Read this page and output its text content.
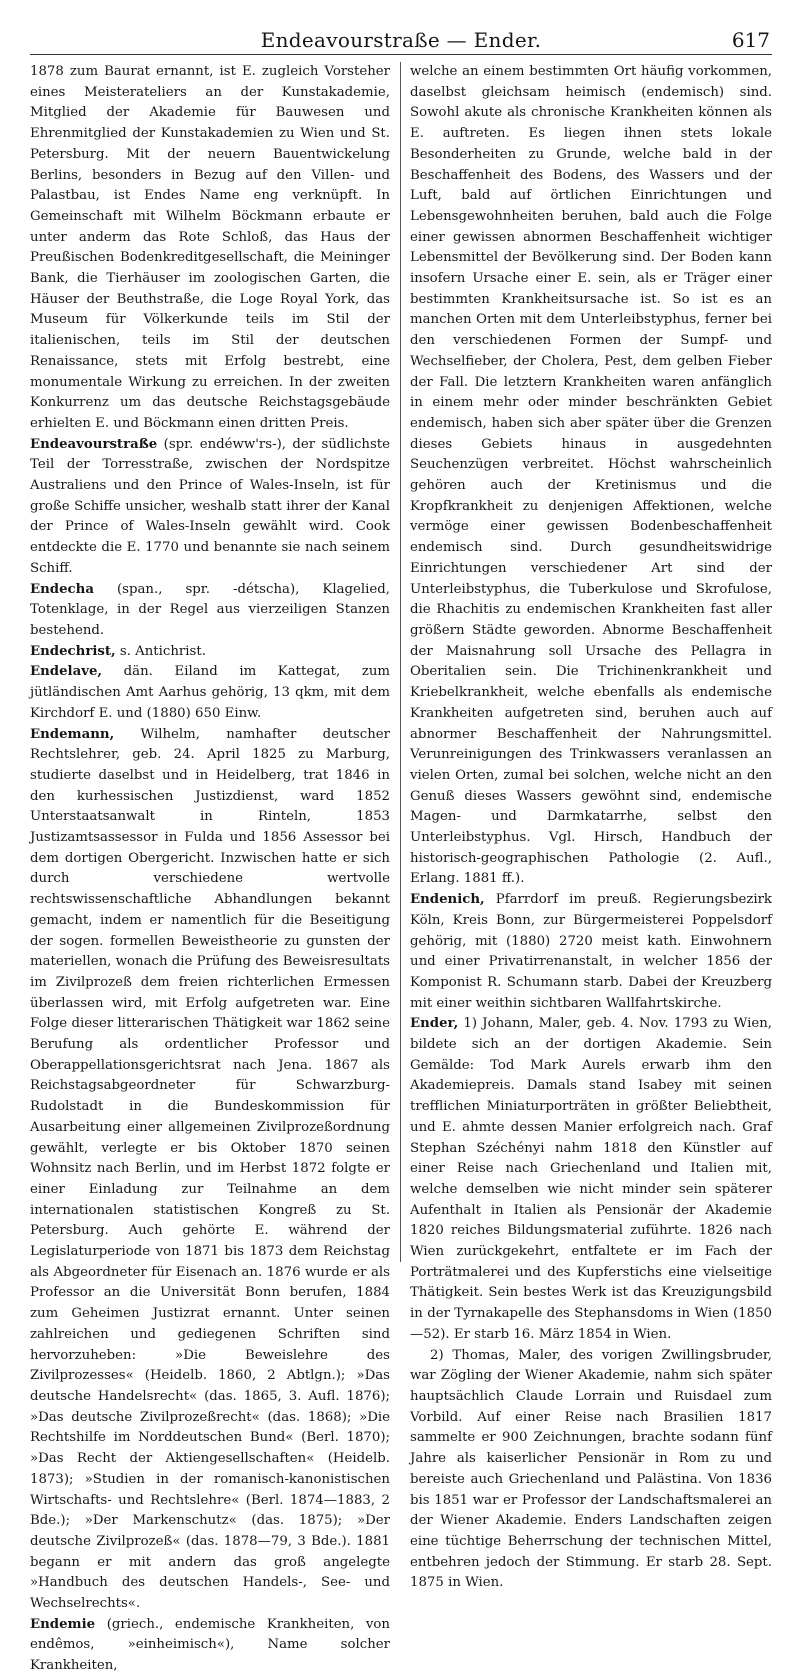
Endeavourstraße — Ender.	617

1878 zum Baurat ernannt, ist E. zugleich Vorsteher eines Meisterateliers an der Kunstakademie, Mitglied der Akademie für Bauwesen und Ehrenmitglied der Kunstakademien zu Wien und St. Petersburg. Mit der neuern Bauentwickelung Berlins, besonders in Bezug auf den Villen- und Palastbau, ist Endes Name eng verknüpft. In Gemeinschaft mit Wilhelm Böckmann erbaute er unter anderm das Rote Schloß, das Haus der Preußischen Bodenkreditgesellschaft, die Meininger Bank, die Tierhäuser im zoologischen Garten, die Häuser der Beuthstraße, die Loge Royal York, das Museum für Völkerkunde teils im Stil der italienischen, teils im Stil der deutschen Renaissance, stets mit Erfolg bestrebt, eine monumentale Wirkung zu erreichen. In der zweiten Konkurrenz um das deutsche Reichstagsgebäude erhielten E. und Böckmann einen dritten Preis.

Endeavourstraße (spr. endéww'rs-), der südlichste Teil der Torresstraße, zwischen der Nordspitze Australiens und den Prince of Wales-Inseln, ist für große Schiffe unsicher, weshalb statt ihrer der Kanal der Prince of Wales-Inseln gewählt wird. Cook entdeckte die E. 1770 und benannte sie nach seinem Schiff.

Endecha (span., spr. -détscha), Klagelied, Totenklage, in der Regel aus vierzeiligen Stanzen bestehend.

Endechrist, s. Antichrist.

Endelave, dän. Eiland im Kattegat, zum jütländischen Amt Aarhus gehörig, 13 qkm, mit dem Kirchdorf E. und (1880) 650 Einw.

Endemann, Wilhelm, namhafter deutscher Rechtslehrer, geb. 24. April 1825 zu Marburg, studierte daselbst und in Heidelberg, trat 1846 in den kurhessischen Justizdienst, ward 1852 Unterstaatsanwalt in Rinteln, 1853 Justizamtsassessor in Fulda und 1856 Assessor bei dem dortigen Obergericht. Inzwischen hatte er sich durch verschiedene wertvolle rechtswissenschaftliche Abhandlungen bekannt gemacht, indem er namentlich für die Beseitigung der sogen. formellen Beweistheorie zu gunsten der materiellen, wonach die Prüfung des Beweisresultats im Zivilprozeß dem freien richterlichen Ermessen überlassen wird, mit Erfolg aufgetreten war. Eine Folge dieser litterarischen Thätigkeit war 1862 seine Berufung als ordentlicher Professor und Oberappellationsgerichtsrat nach Jena. 1867 als Reichstagsabgeordneter für Schwarzburg-Rudolstadt in die Bundeskommission für Ausarbeitung einer allgemeinen Zivilprozeßordnung gewählt, verlegte er bis Oktober 1870 seinen Wohnsitz nach Berlin, und im Herbst 1872 folgte er einer Einladung zur Teilnahme an dem internationalen statistischen Kongreß zu St. Petersburg. Auch gehörte E. während der Legislaturperiode von 1871 bis 1873 dem Reichstag als Abgeordneter für Eisenach an. 1876 wurde er als Professor an die Universität Bonn berufen, 1884 zum Geheimen Justizrat ernannt. Unter seinen zahlreichen und gediegenen Schriften sind hervorzuheben: »Die Beweislehre des Zivilprozesses« (Heidelb. 1860, 2 Abtlgn.); »Das deutsche Handelsrecht« (das. 1865, 3. Aufl. 1876); »Das deutsche Zivilprozeßrecht« (das. 1868); »Die Rechtshilfe im Norddeutschen Bund« (Berl. 1870); »Das Recht der Aktiengesellschaften« (Heidelb. 1873); »Studien in der romanisch-kanonistischen Wirtschafts- und Rechtslehre« (Berl. 1874—1883, 2 Bde.); »Der Markenschutz« (das. 1875); »Der deutsche Zivilprozeß« (das. 1878—79, 3 Bde.). 1881 begann er mit andern das groß angelegte »Handbuch des deutschen Handels-, See- und Wechselrechts«.

Endemie (griech., endemische Krankheiten, von endêmos, »einheimisch«), Name solcher Krankheiten,

welche an einem bestimmten Ort häufig vorkommen, daselbst gleichsam heimisch (endemisch) sind. Sowohl akute als chronische Krankheiten können als E. auftreten. Es liegen ihnen stets lokale Besonderheiten zu Grunde, welche bald in der Beschaffenheit des Bodens, des Wassers und der Luft, bald auf örtlichen Einrichtungen und Lebensgewohnheiten beruhen, bald auch die Folge einer gewissen abnormen Beschaffenheit wichtiger Lebensmittel der Bevölkerung sind. Der Boden kann insofern Ursache einer E. sein, als er Träger einer bestimmten Krankheitsursache ist. So ist es an manchen Orten mit dem Unterleibstyphus, ferner bei den verschiedenen Formen der Sumpf- und Wechselfieber, der Cholera, Pest, dem gelben Fieber der Fall. Die letztern Krankheiten waren anfänglich in einem mehr oder minder beschränkten Gebiet endemisch, haben sich aber später über die Grenzen dieses Gebiets hinaus in ausgedehnten Seuchenzügen verbreitet. Höchst wahrscheinlich gehören auch der Kretinismus und die Kropfkrankheit zu denjenigen Affektionen, welche vermöge einer gewissen Bodenbeschaffenheit endemisch sind. Durch gesundheitswidrige Einrichtungen verschiedener Art sind der Unterleibstyphus, die Tuberkulose und Skrofulose, die Rhachitis zu endemischen Krankheiten fast aller größern Städte geworden. Abnorme Beschaffenheit der Maisnahrung soll Ursache des Pellagra in Oberitalien sein. Die Trichinenkrankheit und Kriebelkrankheit, welche ebenfalls als endemische Krankheiten aufgetreten sind, beruhen auch auf abnormer Beschaffenheit der Nahrungsmittel. Verunreinigungen des Trinkwassers veranlassen an vielen Orten, zumal bei solchen, welche nicht an den Genuß dieses Wassers gewöhnt sind, endemische Magen- und Darmkatarrhe, selbst den Unterleibstyphus. Vgl. Hirsch, Handbuch der historisch-geographischen Pathologie (2. Aufl., Erlang. 1881 ff.).

Endenich, Pfarrdorf im preuß. Regierungsbezirk Köln, Kreis Bonn, zur Bürgermeisterei Poppelsdorf gehörig, mit (1880) 2720 meist kath. Einwohnern und einer Privatirrenanstalt, in welcher 1856 der Komponist R. Schumann starb. Dabei der Kreuzberg mit einer weithin sichtbaren Wallfahrtskirche.

Ender, 1) Johann, Maler, geb. 4. Nov. 1793 zu Wien, bildete sich an der dortigen Akademie. Sein Gemälde: Tod Mark Aurels erwarb ihm den Akademiepreis. Damals stand Isabey mit seinen trefflichen Miniaturporträten in größter Beliebtheit, und E. ahmte dessen Manier erfolgreich nach. Graf Stephan Széchényi nahm 1818 den Künstler auf einer Reise nach Griechenland und Italien mit, welche demselben wie nicht minder sein späterer Aufenthalt in Italien als Pensionär der Akademie 1820 reiches Bildungsmaterial zuführte. 1826 nach Wien zurückgekehrt, entfaltete er im Fach der Porträtmalerei und des Kupferstichs eine vielseitige Thätigkeit. Sein bestes Werk ist das Kreuzigungsbild in der Tyrnakapelle des Stephansdoms in Wien (1850—52). Er starb 16. März 1854 in Wien.

2) Thomas, Maler, des vorigen Zwillingsbruder, war Zögling der Wiener Akademie, nahm sich später hauptsächlich Claude Lorrain und Ruisdael zum Vorbild. Auf einer Reise nach Brasilien 1817 sammelte er 900 Zeichnungen, brachte sodann fünf Jahre als kaiserlicher Pensionär in Rom zu und bereiste auch Griechenland und Palästina. Von 1836 bis 1851 war er Professor der Landschaftsmalerei an der Wiener Akademie. Enders Landschaften zeigen eine tüchtige Beherrschung der technischen Mittel, entbehren jedoch der Stimmung. Er starb 28. Sept. 1875 in Wien.
